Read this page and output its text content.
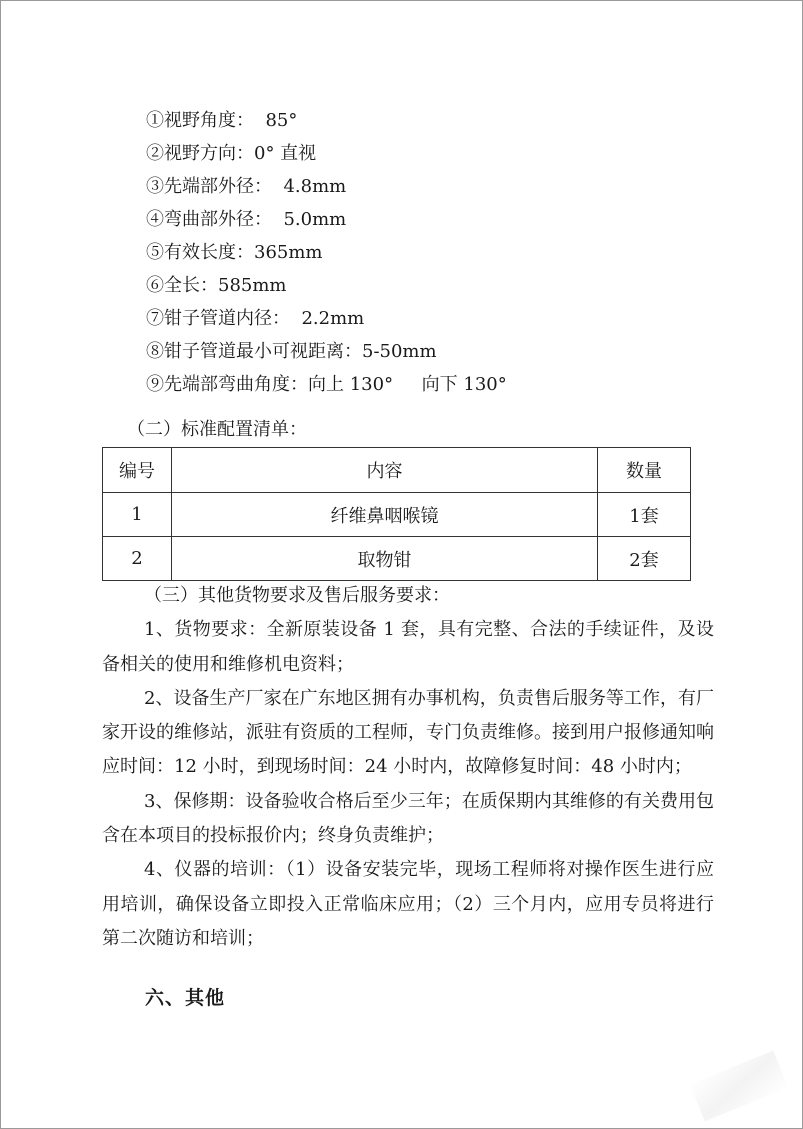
①视野角度：  85°
②视野方向：0° 直视
③先端部外径：  4.8mm
④弯曲部外径：  5.0mm
⑤有效长度：365mm
⑥全长：585mm
⑦钳子管道内径：  2.2mm
⑧钳子管道最小可视距离：5-50mm
⑨先端部弯曲角度：向上 130°     向下 130°
（二）标准配置清单：
编号	内容	数量
1	纤维鼻咽喉镜	1套
2	取物钳	2套

（三）其他货物要求及售后服务要求：

1、货物要求：全新原装设备 1 套，具有完整、合法的手续证件，及设备相关的使用和维修机电资料；

2、设备生产厂家在广东地区拥有办事机构，负责售后服务等工作，有厂家开设的维修站，派驻有资质的工程师，专门负责维修。接到用户报修通知响应时间：12 小时，到现场时间：24 小时内，故障修复时间：48 小时内；

3、保修期：设备验收合格后至少三年；在质保期内其维修的有关费用包含在本项目的投标报价内；终身负责维护；

4、仪器的培训：（1）设备安装完毕，现场工程师将对操作医生进行应用培训，确保设备立即投入正常临床应用；（2）三个月内，应用专员将进行第二次随访和培训；

六、其他
